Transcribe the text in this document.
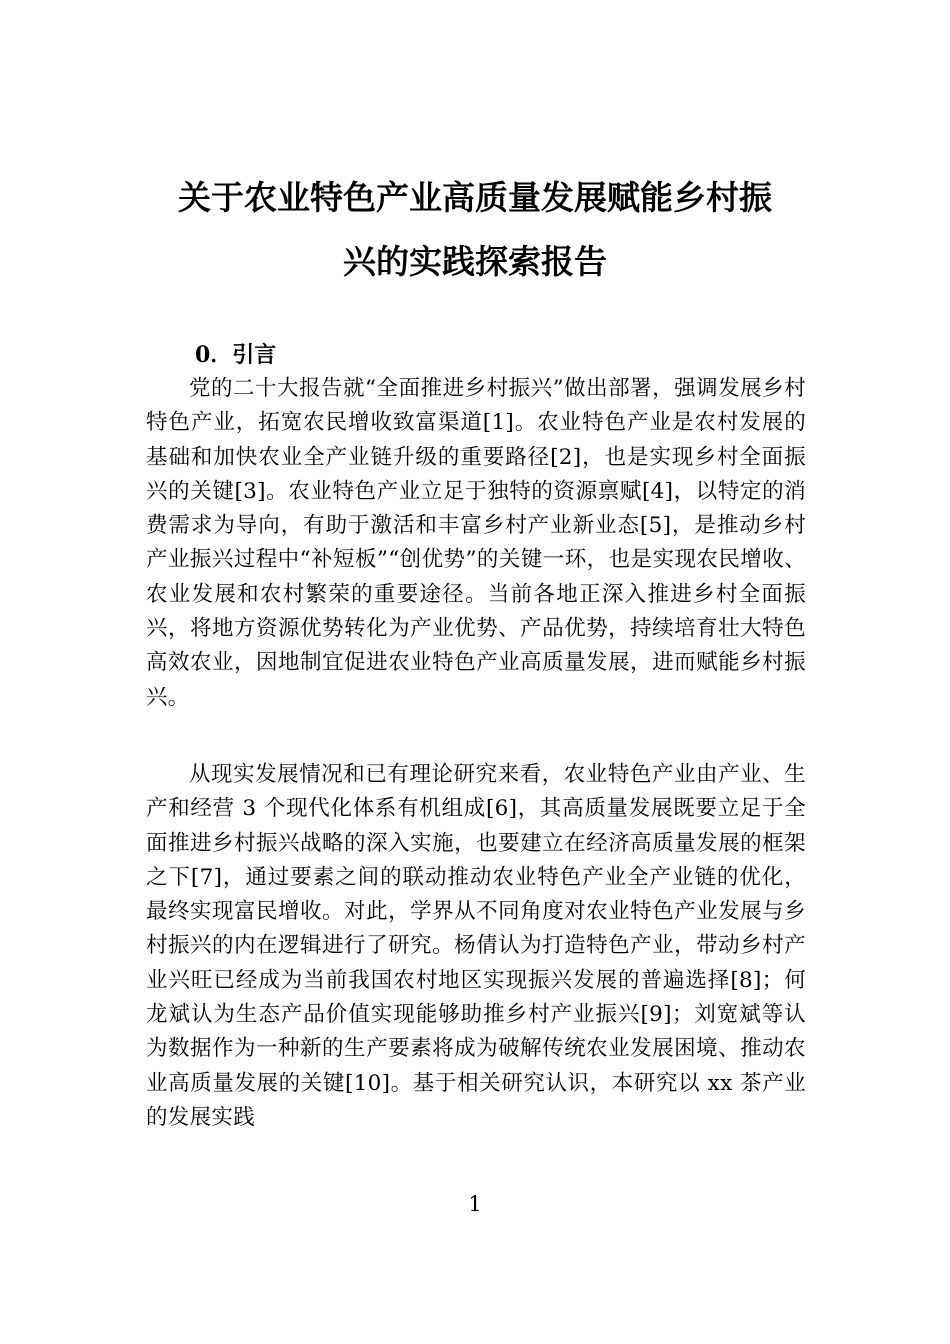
关于农业特色产业高质量发展赋能乡村振
兴的实践探索报告
0．引言

党的二十大报告就“全面推进乡村振兴”做出部署，强调发展乡村特色产业，拓宽农民增收致富渠道[1]。农业特色产业是农村发展的基础和加快农业全产业链升级的重要路径[2]，也是实现乡村全面振兴的关键[3]。农业特色产业立足于独特的资源禀赋[4]，以特定的消费需求为导向，有助于激活和丰富乡村产业新业态[5]，是推动乡村产业振兴过程中“补短板”“创优势”的关键一环，也是实现农民增收、农业发展和农村繁荣的重要途径。当前各地正深入推进乡村全面振兴，将地方资源优势转化为产业优势、产品优势，持续培育壮大特色高效农业，因地制宜促进农业特色产业高质量发展，进而赋能乡村振兴。

从现实发展情况和已有理论研究来看，农业特色产业由产业、生产和经营 3 个现代化体系有机组成[6]，其高质量发展既要立足于全面推进乡村振兴战略的深入实施，也要建立在经济高质量发展的框架之下[7]，通过要素之间的联动推动农业特色产业全产业链的优化，最终实现富民增收。对此，学界从不同角度对农业特色产业发展与乡村振兴的内在逻辑进行了研究。杨倩认为打造特色产业，带动乡村产业兴旺已经成为当前我国农村地区实现振兴发展的普遍选择[8]；何龙斌认为生态产品价值实现能够助推乡村产业振兴[9]；刘宽斌等认为数据作为一种新的生产要素将成为破解传统农业发展困境、推动农业高质量发展的关键[10]。基于相关研究认识，本研究以 xx 茶产业的发展实践

1
